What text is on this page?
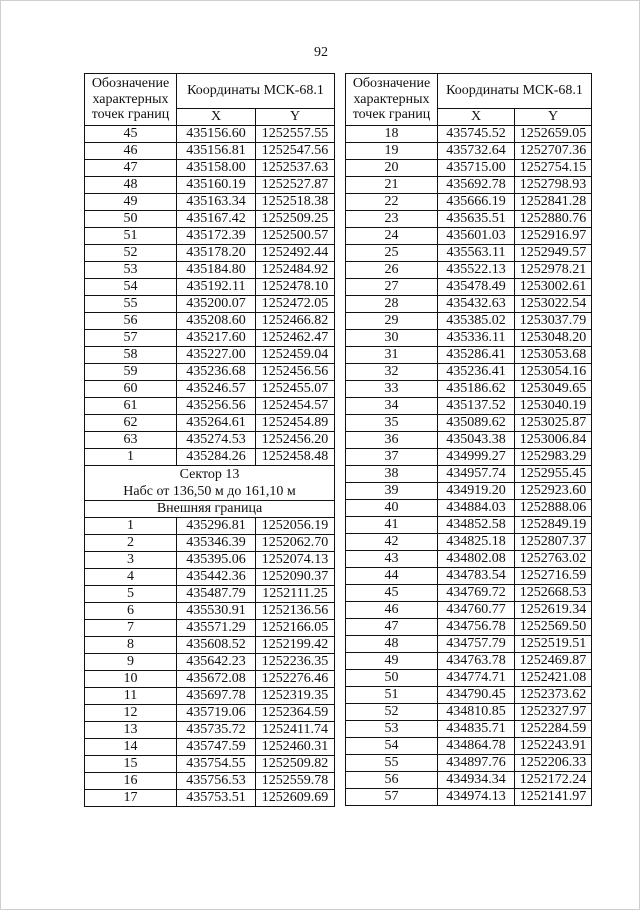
92
Обозначение характерных точек границ	Координаты МСК-68.1	
	X	Y
45	435156.60	1252557.55
46	435156.81	1252547.56
47	435158.00	1252537.63
48	435160.19	1252527.87
49	435163.34	1252518.38
50	435167.42	1252509.25
51	435172.39	1252500.57
52	435178.20	1252492.44
53	435184.80	1252484.92
54	435192.11	1252478.10
55	435200.07	1252472.05
56	435208.60	1252466.82
57	435217.60	1252462.47
58	435227.00	1252459.04
59	435236.68	1252456.56
60	435246.57	1252455.07
61	435256.56	1252454.57
62	435264.61	1252454.89
63	435274.53	1252456.20
1	435284.26	1252458.48

Сектор 13
Набс от 136,50 м до 161,10 м		

Внешняя граница		
1	435296.81	1252056.19
2	435346.39	1252062.70
3	435395.06	1252074.13
4	435442.36	1252090.37
5	435487.79	1252111.25
6	435530.91	1252136.56
7	435571.29	1252166.05
8	435608.52	1252199.42
9	435642.23	1252236.35
10	435672.08	1252276.46
11	435697.78	1252319.35
12	435719.06	1252364.59
13	435735.72	1252411.74
14	435747.59	1252460.31
15	435754.55	1252509.82
16	435756.53	1252559.78
17	435753.51	1252609.69
Обозначение характерных точек границ	Координаты МСК-68.1	
	X	Y
18	435745.52	1252659.05
19	435732.64	1252707.36
20	435715.00	1252754.15
21	435692.78	1252798.93
22	435666.19	1252841.28
23	435635.51	1252880.76
24	435601.03	1252916.97
25	435563.11	1252949.57
26	435522.13	1252978.21
27	435478.49	1253002.61
28	435432.63	1253022.54
29	435385.02	1253037.79
30	435336.11	1253048.20
31	435286.41	1253053.68
32	435236.41	1253054.16
33	435186.62	1253049.65
34	435137.52	1253040.19
35	435089.62	1253025.87
36	435043.38	1253006.84
37	434999.27	1252983.29
38	434957.74	1252955.45
39	434919.20	1252923.60
40	434884.03	1252888.06
41	434852.58	1252849.19
42	434825.18	1252807.37
43	434802.08	1252763.02
44	434783.54	1252716.59
45	434769.72	1252668.53
46	434760.77	1252619.34
47	434756.78	1252569.50
48	434757.79	1252519.51
49	434763.78	1252469.87
50	434774.71	1252421.08
51	434790.45	1252373.62
52	434810.85	1252327.97
53	434835.71	1252284.59
54	434864.78	1252243.91
55	434897.76	1252206.33
56	434934.34	1252172.24
57	434974.13	1252141.97
